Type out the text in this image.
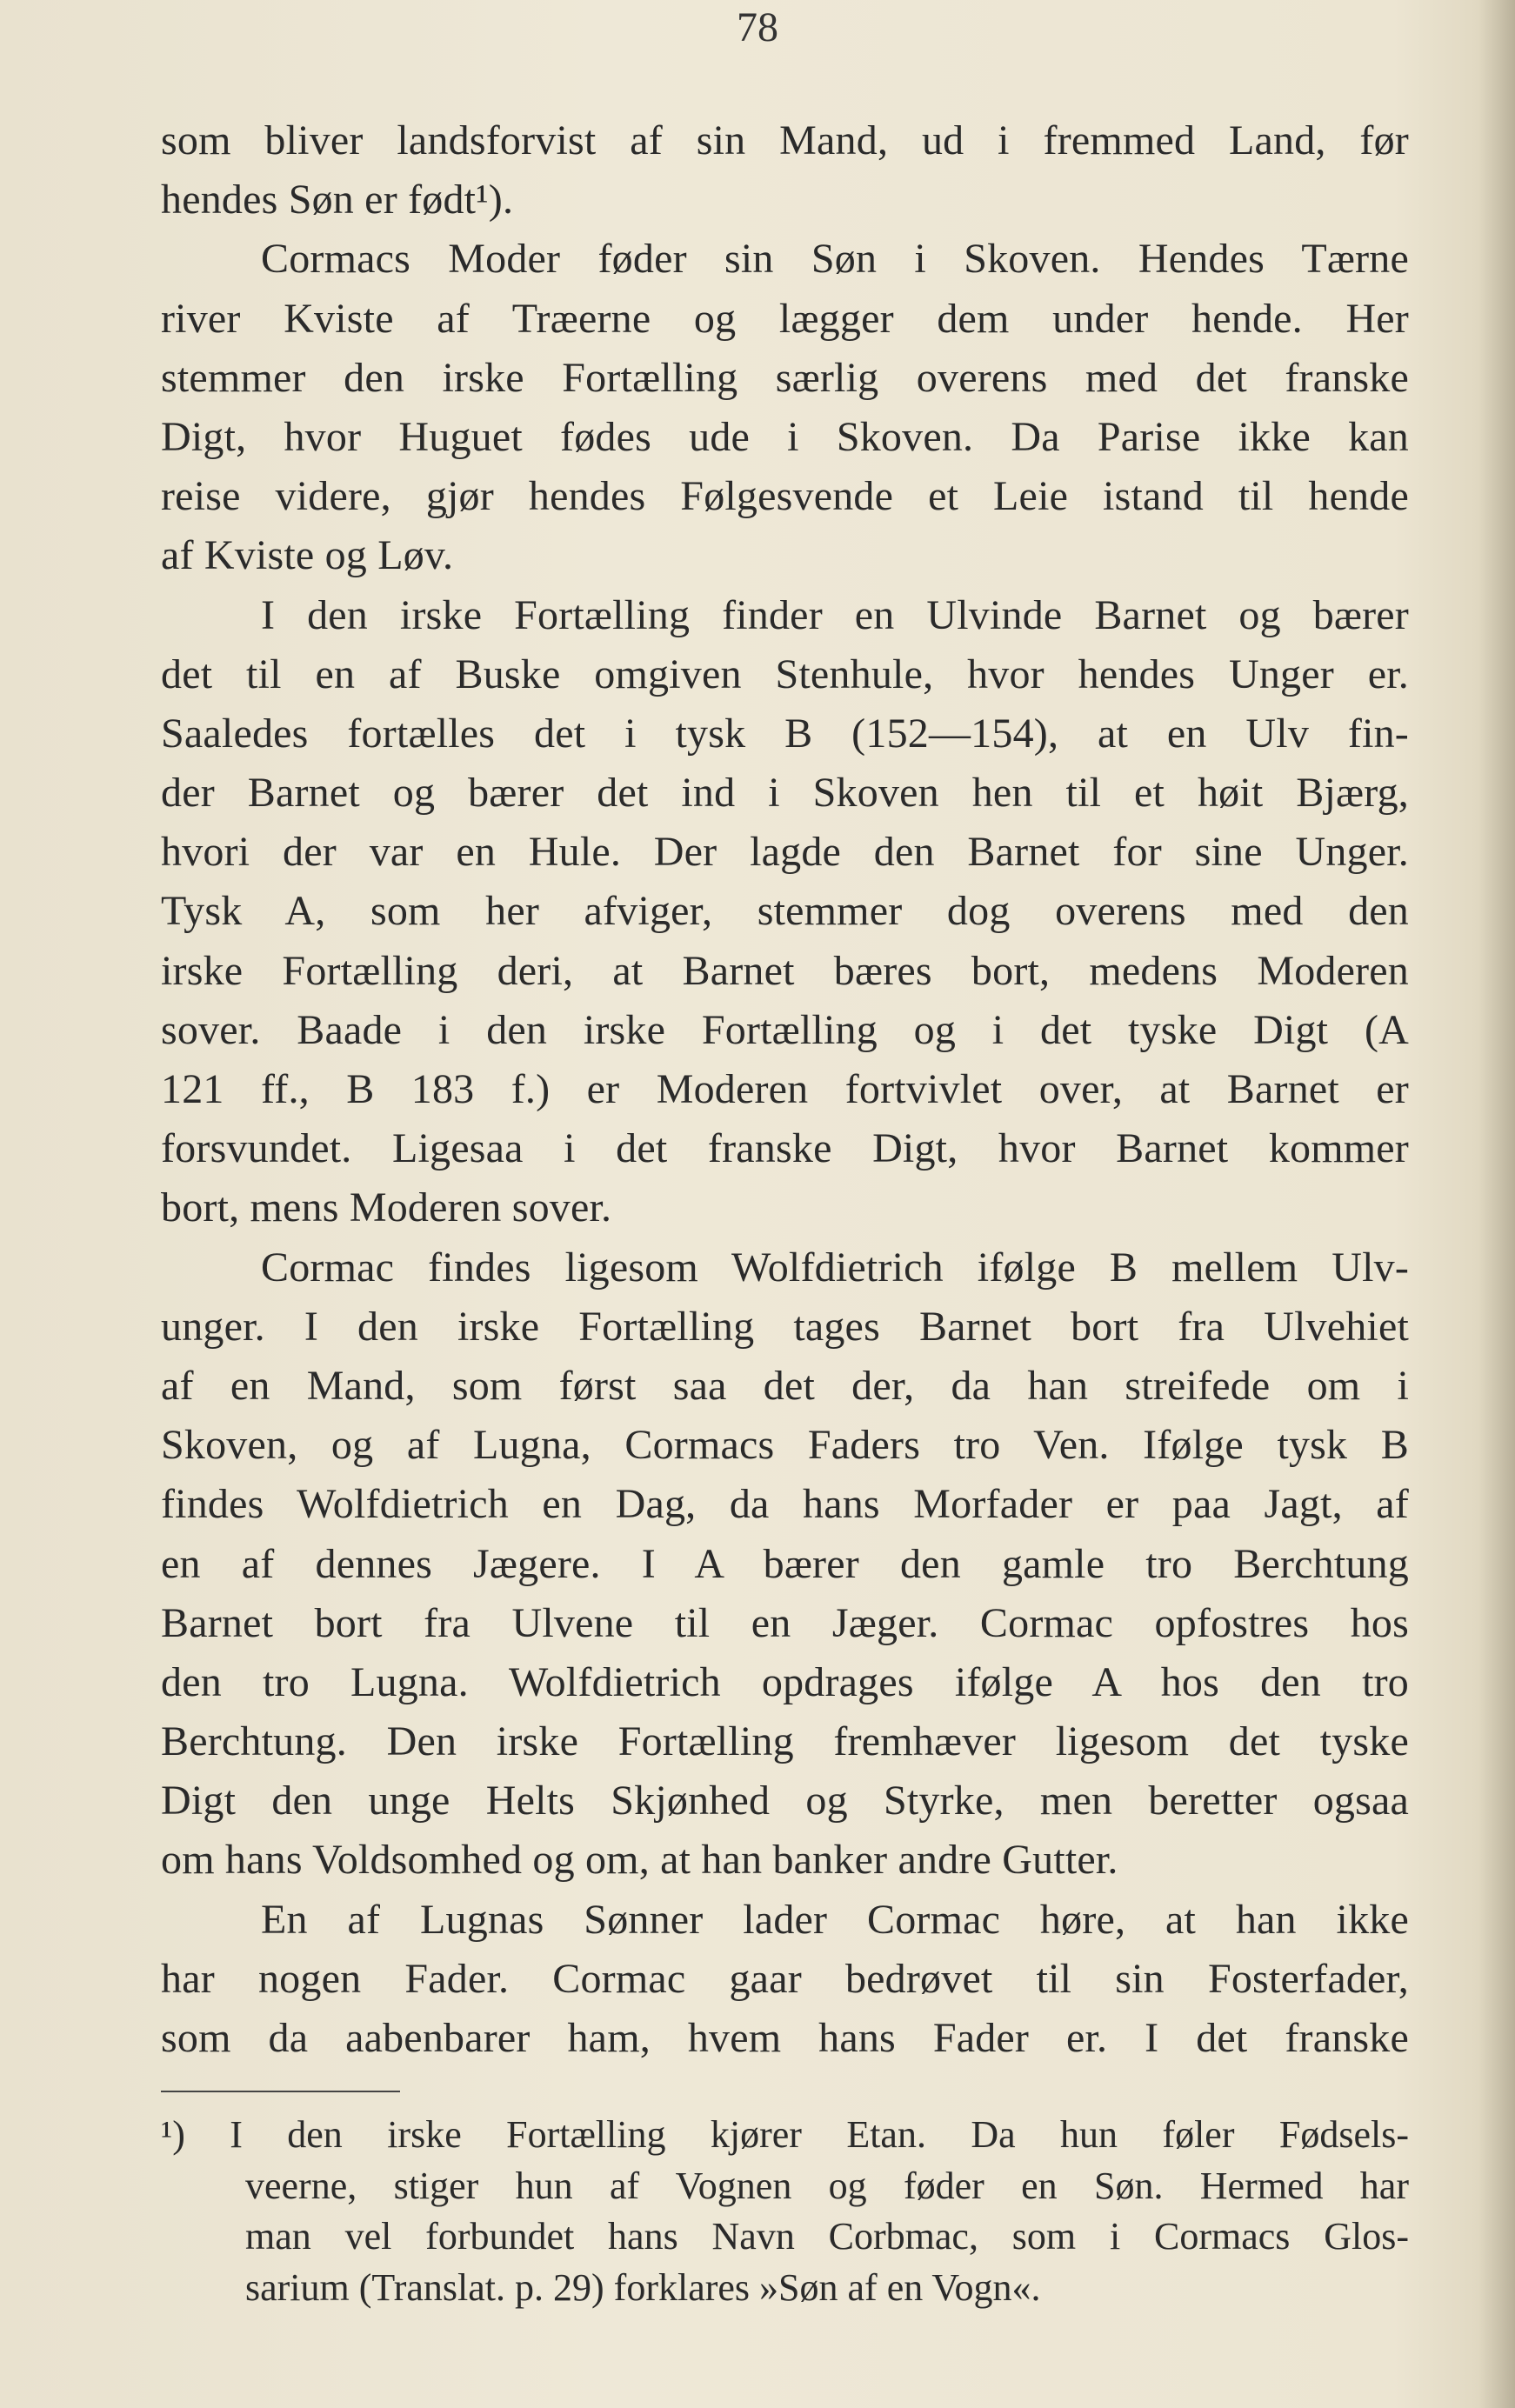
78
som bliver landsforvist af sin Mand, ud i fremmed Land, før
hendes Søn er født¹).
Cormacs Moder føder sin Søn i Skoven. Hendes Tærne
river Kviste af Træerne og lægger dem under hende. Her
stemmer den irske Fortælling særlig overens med det franske
Digt, hvor Huguet fødes ude i Skoven. Da Parise ikke kan
reise videre, gjør hendes Følgesvende et Leie istand til hende
af Kviste og Løv.
I den irske Fortælling finder en Ulvinde Barnet og bærer
det til en af Buske omgiven Stenhule, hvor hendes Unger er.
Saaledes fortælles det i tysk B (152—154), at en Ulv fin-
der Barnet og bærer det ind i Skoven hen til et høit Bjærg,
hvori der var en Hule. Der lagde den Barnet for sine Unger.
Tysk A, som her afviger, stemmer dog overens med den
irske Fortælling deri, at Barnet bæres bort, medens Moderen
sover. Baade i den irske Fortælling og i det tyske Digt (A
121 ff., B 183 f.) er Moderen fortvivlet over, at Barnet er
forsvundet. Ligesaa i det franske Digt, hvor Barnet kommer
bort, mens Moderen sover.
Cormac findes ligesom Wolfdietrich ifølge B mellem Ulv-
unger. I den irske Fortælling tages Barnet bort fra Ulvehiet
af en Mand, som først saa det der, da han streifede om i
Skoven, og af Lugna, Cormacs Faders tro Ven. Ifølge tysk B
findes Wolfdietrich en Dag, da hans Morfader er paa Jagt, af
en af dennes Jægere. I A bærer den gamle tro Berchtung
Barnet bort fra Ulvene til en Jæger. Cormac opfostres hos
den tro Lugna. Wolfdietrich opdrages ifølge A hos den tro
Berchtung. Den irske Fortælling fremhæver ligesom det tyske
Digt den unge Helts Skjønhed og Styrke, men beretter ogsaa
om hans Voldsomhed og om, at han banker andre Gutter.
En af Lugnas Sønner lader Cormac høre, at han ikke
har nogen Fader. Cormac gaar bedrøvet til sin Fosterfader,
som da aabenbarer ham, hvem hans Fader er. I det franske
¹) I den irske Fortælling kjører Etan. Da hun føler Fødsels-
veerne, stiger hun af Vognen og føder en Søn. Hermed har
man vel forbundet hans Navn Corbmac, som i Cormacs Glos-
sarium (Translat. p. 29) forklares »Søn af en Vogn«.
